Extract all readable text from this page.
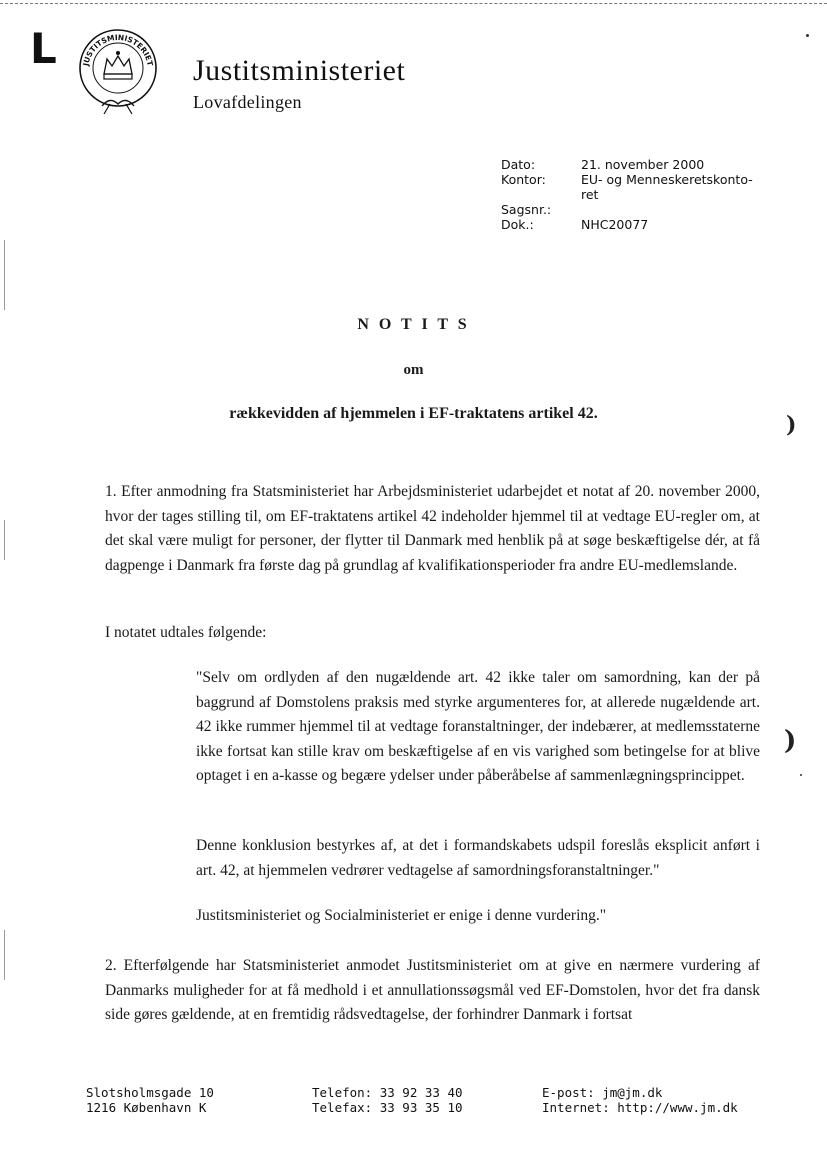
L	JUSTITSMINISTERIET Justitsministeriet
Lovafdelingen
Dato:	21. november 2000
Kontor:	EU- og Menneskeretskonto-
ret
Sagsnr.:
Dok.:	NHC20077
N O T I T S
om
rækkevidden af hjemmelen i EF-traktatens artikel 42.

1. Efter anmodning fra Statsministeriet har Arbejdsministeriet udarbejdet et notat af 20. november 2000, hvor der tages stilling til, om EF-traktatens artikel 42 indeholder hjemmel til at vedtage EU-regler om, at det skal være muligt for personer, der flytter til Danmark med henblik på at søge beskæftigelse dér, at få dagpenge i Danmark fra første dag på grundlag af kvalifikationsperioder fra andre EU-medlemslande.

I notatet udtales følgende:

"Selv om ordlyden af den nugældende art. 42 ikke taler om samordning, kan der på baggrund af Domstolens praksis med styrke argumenteres for, at allerede nugældende art. 42 ikke rummer hjemmel til at vedtage foranstaltninger, der indebærer, at medlemsstaterne ikke fortsat kan stille krav om beskæftigelse af en vis varighed som betingelse for at blive optaget i en a-kasse og begære ydelser under påberåbelse af sammenlægningsprincippet.

Denne konklusion bestyrkes af, at det i formandskabets udspil foreslås eksplicit anført i art. 42, at hjemmelen vedrører vedtagelse af samordningsforanstaltninger."

Justitsministeriet og Socialministeriet er enige i denne vurdering."

2. Efterfølgende har Statsministeriet anmodet Justitsministeriet om at give en nærmere vurdering af Danmarks muligheder for at få medhold i et annullationssøgsmål ved EF-Domstolen, hvor det fra dansk side gøres gældende, at en fremtidig rådsvedtagelse, der forhindrer Danmark i fortsat

)
)
Slotsholmsgade 10
1216 København K
Telefon: 33 92 33 40
Telefax: 33 93 35 10
E-post: jm@jm.dk
Internet: http://www.jm.dk
